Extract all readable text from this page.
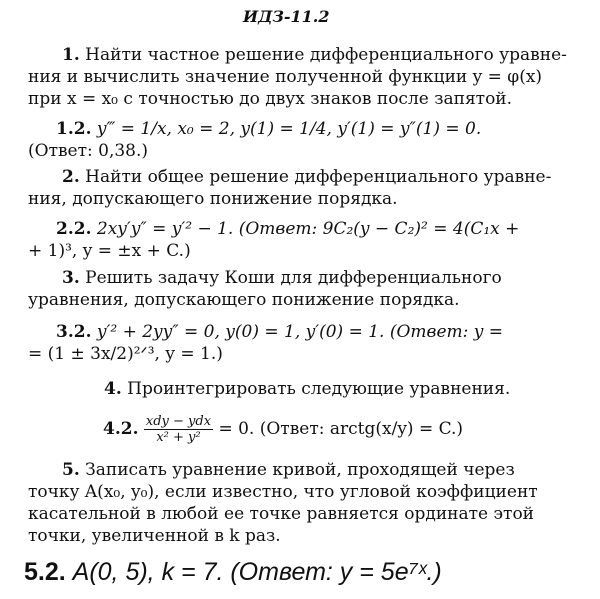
ИДЗ-11.2
1. Найти частное решение дифференциального уравне-
ния и вычислить значение полученной функции y = φ(x)
при x = x₀ с точностью до двух знаков после запятой.
1.2. y‴ = 1/x, x₀ = 2, y(1) = 1/4, y′(1) = y″(1) = 0.
(Ответ: 0,38.)
2. Найти общее решение дифференциального уравне-
ния, допускающего понижение порядка.
2.2. 2xy′y″ = y′² − 1. (Ответ: 9C₂(y − C₂)² = 4(C₁x +
+ 1)³, y = ±x + C.)
3. Решить задачу Коши для дифференциального
уравнения, допускающего понижение порядка.
3.2. y′² + 2yy″ = 0, y(0) = 1, y′(0) = 1. (Ответ: y =
= (1 ± 3x/2)²ᐟ³, y = 1.)
4. Проинтегрировать следующие уравнения.
4.2. $\frac{\text{xdy − ydx}}{\text{x² + y²}} = 0$. (Ответ: arctg(x/y) = C.)
5. Записать уравнение кривой, проходящей через
точку A(x₀, y₀), если известно, что угловой коэффициент
касательной в любой ее точке равняется ординате этой
точки, увеличенной в k раз.
5.2. A(0, 5), k = 7. (Ответ: y = 5e⁷ˣ.)
